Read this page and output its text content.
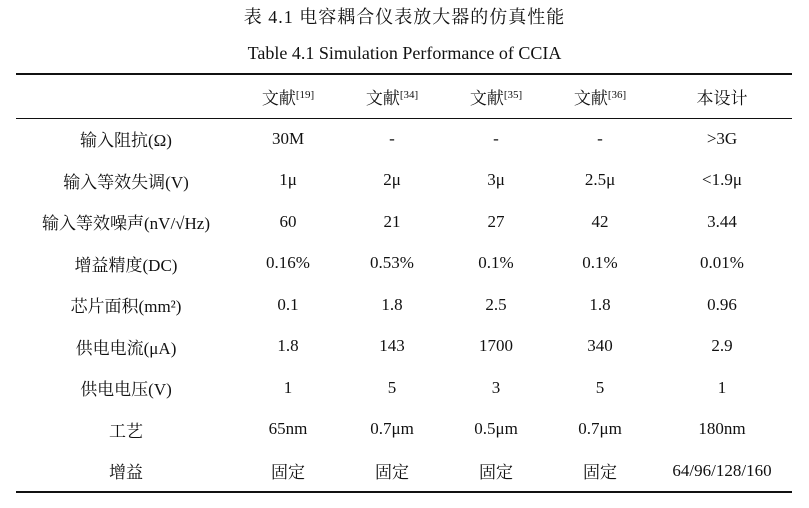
表 4.1 电容耦合仪表放大器的仿真性能
Table 4.1 Simulation Performance of CCIA
	文献[19]	文献[34]	文献[35]	文献[36]	本设计
输入阻抗(Ω)	30M	-	-	-	>3G
输入等效失调(V)	1μ	2μ	3μ	2.5μ	<1.9μ
输入等效噪声(nV/√Hz)	60	21	27	42	3.44
增益精度(DC)	0.16%	0.53%	0.1%	0.1%	0.01%
芯片面积(mm²)	0.1	1.8	2.5	1.8	0.96
供电电流(μA)	1.8	143	1700	340	2.9
供电电压(V)	1	5	3	5	1
工艺	65nm	0.7μm	0.5μm	0.7μm	180nm
增益	固定	固定	固定	固定	64/96/128/160
